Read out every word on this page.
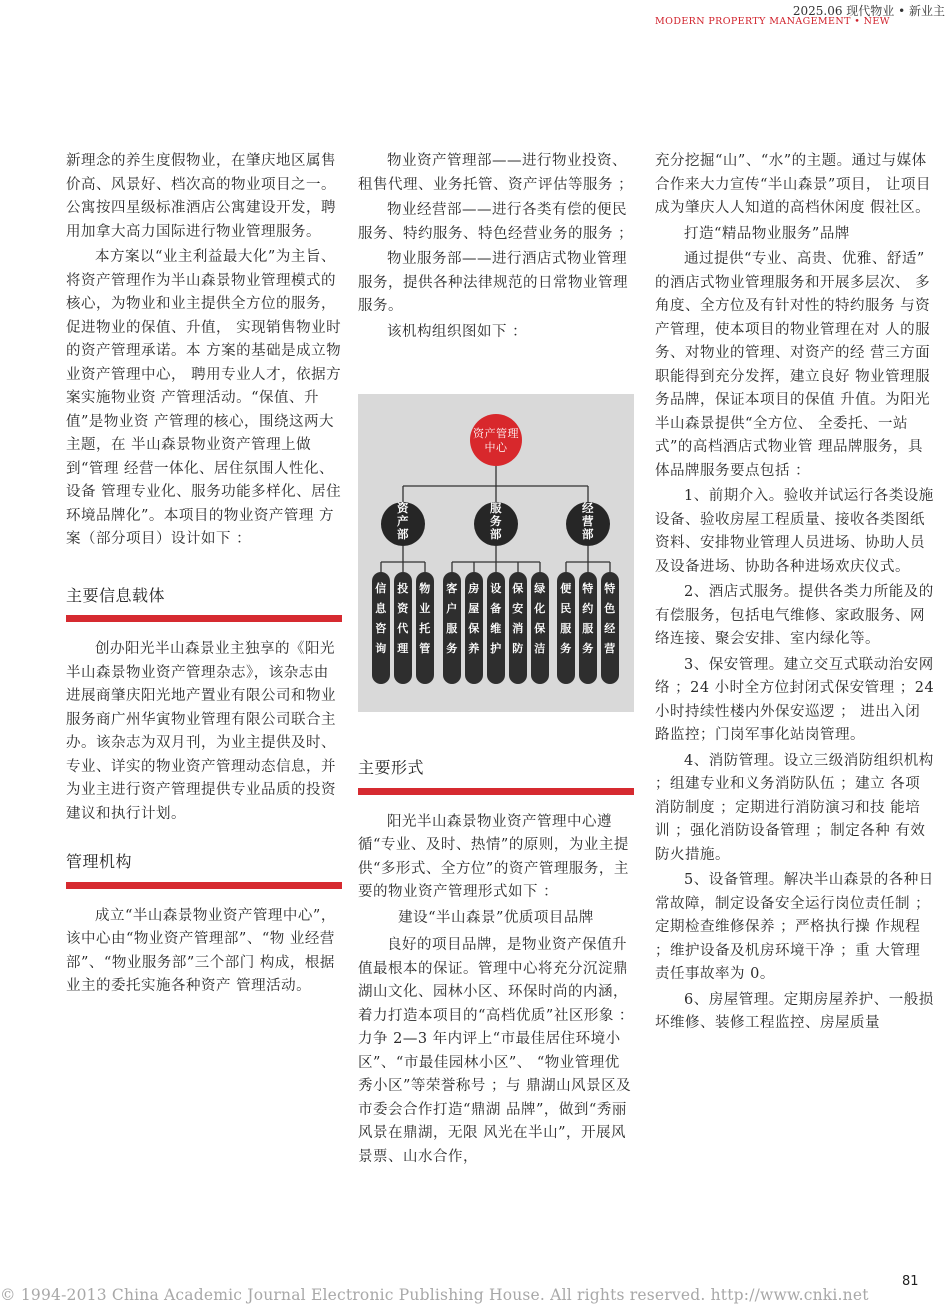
2025.06 现代物业 • 新业主
MODERN PROPERTY MANAGEMENT • NEW

新理念的养生度假物业，在肇庆地区属售价高、风景好、档次高的物业项目之一。公寓按四星级标准酒店公寓建设开发，聘用加拿大高力国际进行物业管理服务。

本方案以“业主利益最大化”为主旨、将资产管理作为半山森景物业管理模式的核心，为物业和业主提供全方位的服务，促进物业的保值、升值， 实现销售物业时的资产管理承诺。本 方案的基础是成立物业资产管理中心， 聘用专业人才，依据方案实施物业资 产管理活动。“保值、升值”是物业资 产管理的核心，围绕这两大主题，在 半山森景物业资产管理上做到“管理 经营一体化、居住氛围人性化、设备 管理专业化、服务功能多样化、居住 环境品牌化”。本项目的物业资产管理 方案（部分项目）设计如下 ：

主要信息载体

创办阳光半山森景业主独享的《阳光半山森景物业资产管理杂志》，该杂志由进展商肇庆阳光地产置业有限公司和物业服务商广州华寅物业管理有限公司联合主办。该杂志为双月刊，为业主提供及时、专业、详实的物业资产管理动态信息，并为业主进行资产管理提供专业品质的投资建议和执行计划。

管理机构

成立“半山森景物业资产管理中心”，该中心由“物业资产管理部”、“物 业经营部”、“物业服务部”三个部门 构成，根据业主的委托实施各种资产 管理活动。

物业资产管理部——进行物业投资、租售代理、业务托管、资产评估等服务 ；

物业经营部——进行各类有偿的便民服务、特约服务、特色经营业务的服务 ；

物业服务部——进行酒店式物业管理服务，提供各种法律规范的日常物业管理 服务。

该机构组织图如下 ：

资产管理
中心
资
产
部
信
息
咨
询
投
资
代
理
物
业
托
管
服
务
部
客
户
服
务
房
屋
保
养
设
备
维
护
保
安
消
防
绿
化
保
洁
经
营
部
便
民
服
务
特
约
服
务
特
色
经
营
主要形式

阳光半山森景物业资产管理中心遵循“专业、及时、热情”的原则，为业主提供“多形式、全方位”的资产管理服务，主要的物业资产管理形式如下 ：

建设“半山森景”优质项目品牌

良好的项目品牌，是物业资产保值升值最根本的保证。管理中心将充分沉淀鼎湖山文化、园林小区、环保时尚的内涵，着力打造本项目的“高档优质”社区形象 ：力争 2—3 年内评上“市最佳居住环境小区”、“市最佳园林小区”、 “物业管理优秀小区”等荣誉称号 ；与 鼎湖山风景区及市委会合作打造“鼎湖 品牌”，做到“秀丽风景在鼎湖，无限 风光在半山”，开展风景票、山水合作，

充分挖掘“山”、“水”的主题。通过与媒体合作来大力宣传“半山森景”项目， 让项目成为肇庆人人知道的高档休闲度 假社区。

打造“精品物业服务”品牌

通过提供“专业、高贵、优雅、舒适” 的酒店式物业管理服务和开展多层次、 多角度、全方位及有针对性的特约服务 与资产管理，使本项目的物业管理在对 人的服务、对物业的管理、对资产的经 营三方面职能得到充分发挥，建立良好 物业管理服务品牌，保证本项目的保值 升值。为阳光半山森景提供“全方位、 全委托、一站式”的高档酒店式物业管 理品牌服务，具体品牌服务要点包括 ：

1、前期介入。验收并试运行各类设施设备、验收房屋工程质量、接收各类图纸资料、安排物业管理人员进场、协助人员及设备进场、协助各种进场欢庆仪式。

2、酒店式服务。提供各类力所能及的有偿服务，包括电气维修、家政服务、网络连接、聚会安排、室内绿化等。

3、保安管理。建立交互式联动治安网络 ；24 小时全方位封闭式保安管理 ；24 小时持续性楼内外保安巡逻 ； 进出入闭路监控；门岗军事化站岗管理。

4、消防管理。设立三级消防组织机构 ；组建专业和义务消防队伍 ；建立 各项消防制度 ；定期进行消防演习和技 能培训 ；强化消防设备管理 ；制定各种 有效防火措施。

5、设备管理。解决半山森景的各种日常故障，制定设备安全运行岗位责任制 ；定期检查维修保养 ；严格执行操 作规程 ；维护设备及机房环境干净 ；重 大管理责任事故率为 0。

6、房屋管理。定期房屋养护、一般损坏维修、装修工程监控、房屋质量

© 1994-2013 China Academic Journal Electronic Publishing House. All rights reserved. http://www.cnki.net
81
